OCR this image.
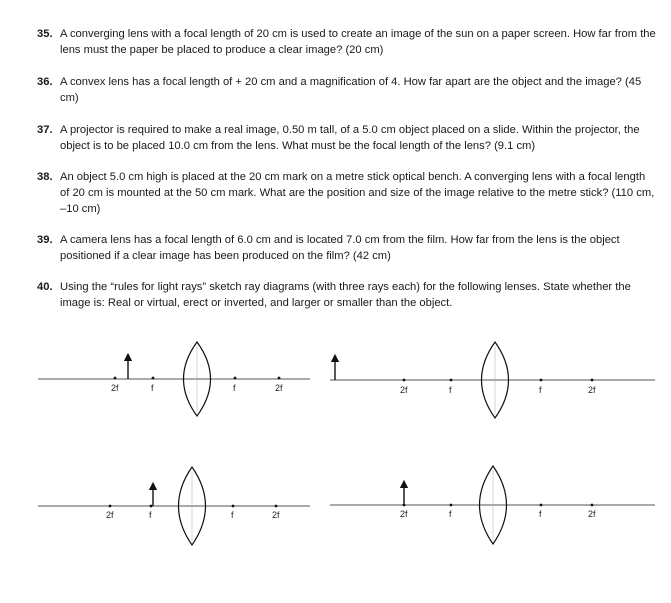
35. A converging lens with a focal length of 20 cm is used to create an image of the sun on a paper screen. How far from the lens must the paper be placed to produce a clear image? (20 cm)
36. A convex lens has a focal length of + 20 cm and a magnification of 4. How far apart are the object and the image? (45 cm)
37. A projector is required to make a real image, 0.50 m tall, of a 5.0 cm object placed on a slide. Within the projector, the object is to be placed 10.0 cm from the lens. What must be the focal length of the lens? (9.1 cm)
38. An object 5.0 cm high is placed at the 20 cm mark on a metre stick optical bench. A converging lens with a focal length of 20 cm is mounted at the 50 cm mark. What are the position and size of the image relative to the metre stick? (110 cm, –10 cm)
39. A camera lens has a focal length of 6.0 cm and is located 7.0 cm from the film. How far from the lens is the object positioned if a clear image has been produced on the film? (42 cm)
40. Using the “rules for light rays” sketch ray diagrams (with three rays each) for the following lenses. State whether the image is: Real or virtual, erect or inverted, and larger or smaller than the object.
2f	f	f	2f	2f	f	f	2f
2f	f	f	2f	2f	f	f	2f
